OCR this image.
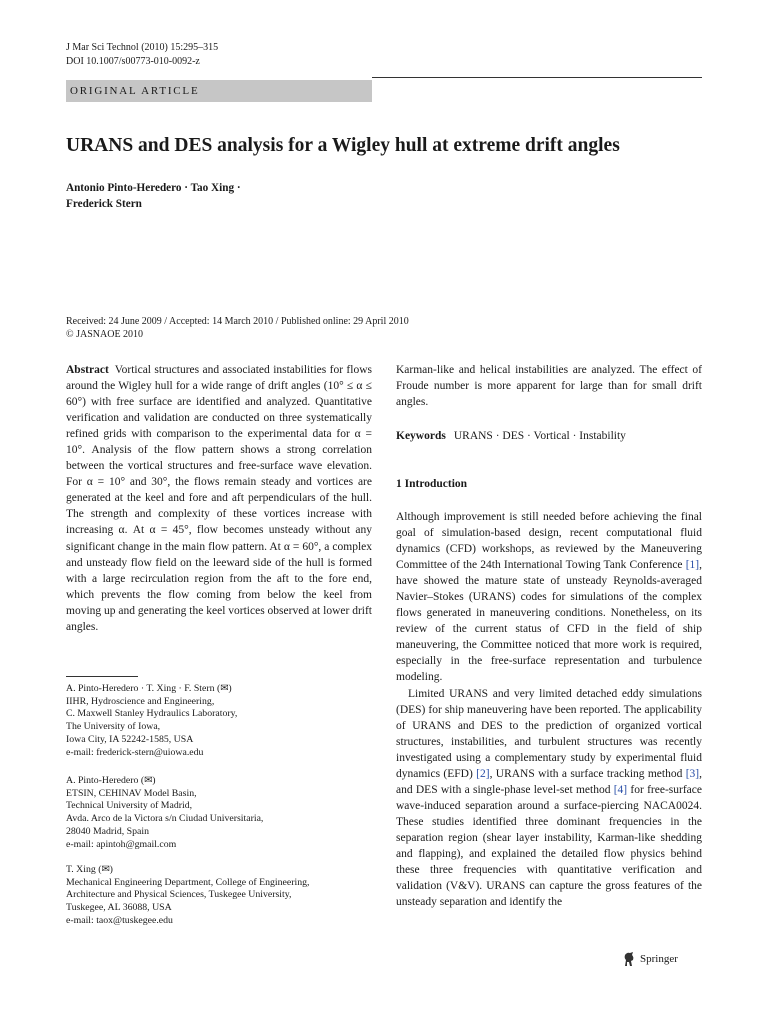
J Mar Sci Technol (2010) 15:295–315
DOI 10.1007/s00773-010-0092-z
ORIGINAL ARTICLE
URANS and DES analysis for a Wigley hull at extreme drift angles
Antonio Pinto-Heredero · Tao Xing ·
Frederick Stern
Received: 24 June 2009 / Accepted: 14 March 2010 / Published online: 29 April 2010
© JASNAOE 2010

Abstract Vortical structures and associated instabilities for flows around the Wigley hull for a wide range of drift angles (10° ≤ α ≤ 60°) with free surface are identified and analyzed. Quantitative verification and validation are conducted on three systematically refined grids with comparison to the experimental data for α = 10°. Analysis of the flow pattern shows a strong correlation between the vortical structures and free-surface wave elevation. For α = 10° and 30°, the flows remain steady and vortices are generated at the keel and fore and aft perpendiculars of the hull. The strength and complexity of these vortices increase with increasing α. At α = 45°, flow becomes unsteady without any significant change in the main flow pattern. At α = 60°, a complex and unsteady flow field on the leeward side of the hull is formed with a large recirculation region from the aft to the fore end, which prevents the flow coming from below the keel from moving up and generating the keel vortices observed at lower drift angles.

Karman-like and helical instabilities are analyzed. The effect of Froude number is more apparent for large than for small drift angles.

Keywords URANS · DES · Vortical · Instability
1 Introduction

Although improvement is still needed before achieving the final goal of simulation-based design, recent computational fluid dynamics (CFD) workshops, as reviewed by the Maneuvering Committee of the 24th International Towing Tank Conference [1], have showed the mature state of unsteady Reynolds-averaged Navier–Stokes (URANS) codes for simulations of the complex flows generated in maneuvering conditions. Nonetheless, on its review of the current status of CFD in the field of ship maneuvering, the Committee noticed that more work is required, especially in the free-surface representation and turbulence modeling.

Limited URANS and very limited detached eddy simulations (DES) for ship maneuvering have been reported. The applicability of URANS and DES to the prediction of organized vortical structures, instabilities, and turbulent structures was recently investigated using a complementary study by experimental fluid dynamics (EFD) [2], URANS with a surface tracking method [3], and DES with a single-phase level-set method [4] for free-surface wave-induced separation around a surface-piercing NACA0024. These studies identified three dominant frequencies in the separation region (shear layer instability, Karman-like shedding and flapping), and explained the detailed flow physics behind these three frequencies with quantitative verification and validation (V&V). URANS can capture the gross features of the unsteady separation and identify the

A. Pinto-Heredero · T. Xing · F. Stern (✉)
IIHR, Hydroscience and Engineering,
C. Maxwell Stanley Hydraulics Laboratory,
The University of Iowa,
Iowa City, IA 52242-1585, USA
e-mail: frederick-stern@uiowa.edu
A. Pinto-Heredero (✉)
ETSIN, CEHINAV Model Basin,
Technical University of Madrid,
Avda. Arco de la Victora s/n Ciudad Universitaria,
28040 Madrid, Spain
e-mail: apintoh@gmail.com
T. Xing (✉)
Mechanical Engineering Department, College of Engineering,
Architecture and Physical Sciences, Tuskegee University,
Tuskegee, AL 36088, USA
e-mail: taox@tuskegee.edu
Springer
